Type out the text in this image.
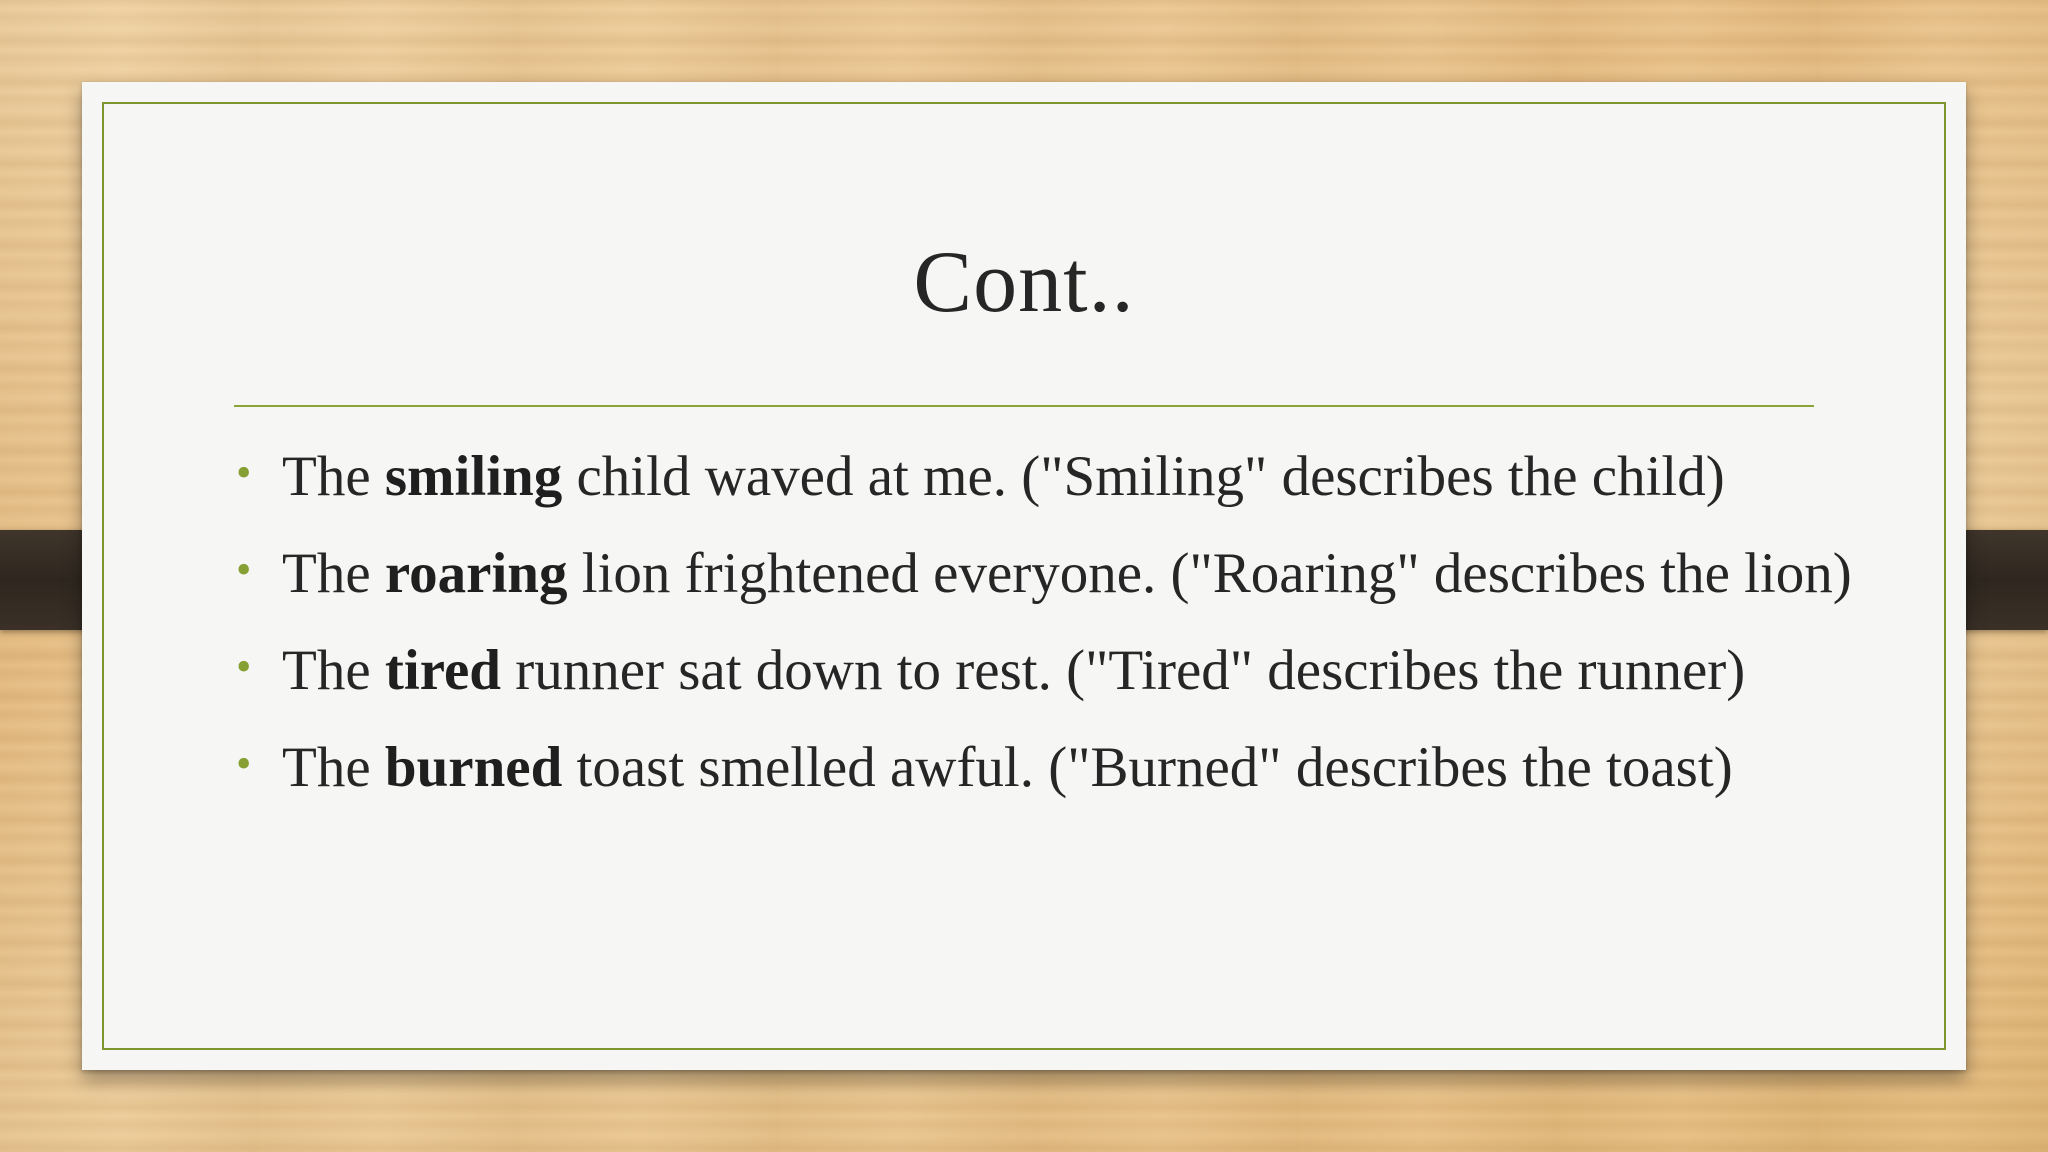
Cont..
• The smiling child waved at me. ("Smiling" describes the child)
• The roaring lion frightened everyone. ("Roaring" describes the lion)
• The tired runner sat down to rest. ("Tired" describes the runner)
• The burned toast smelled awful. ("Burned" describes the toast)
